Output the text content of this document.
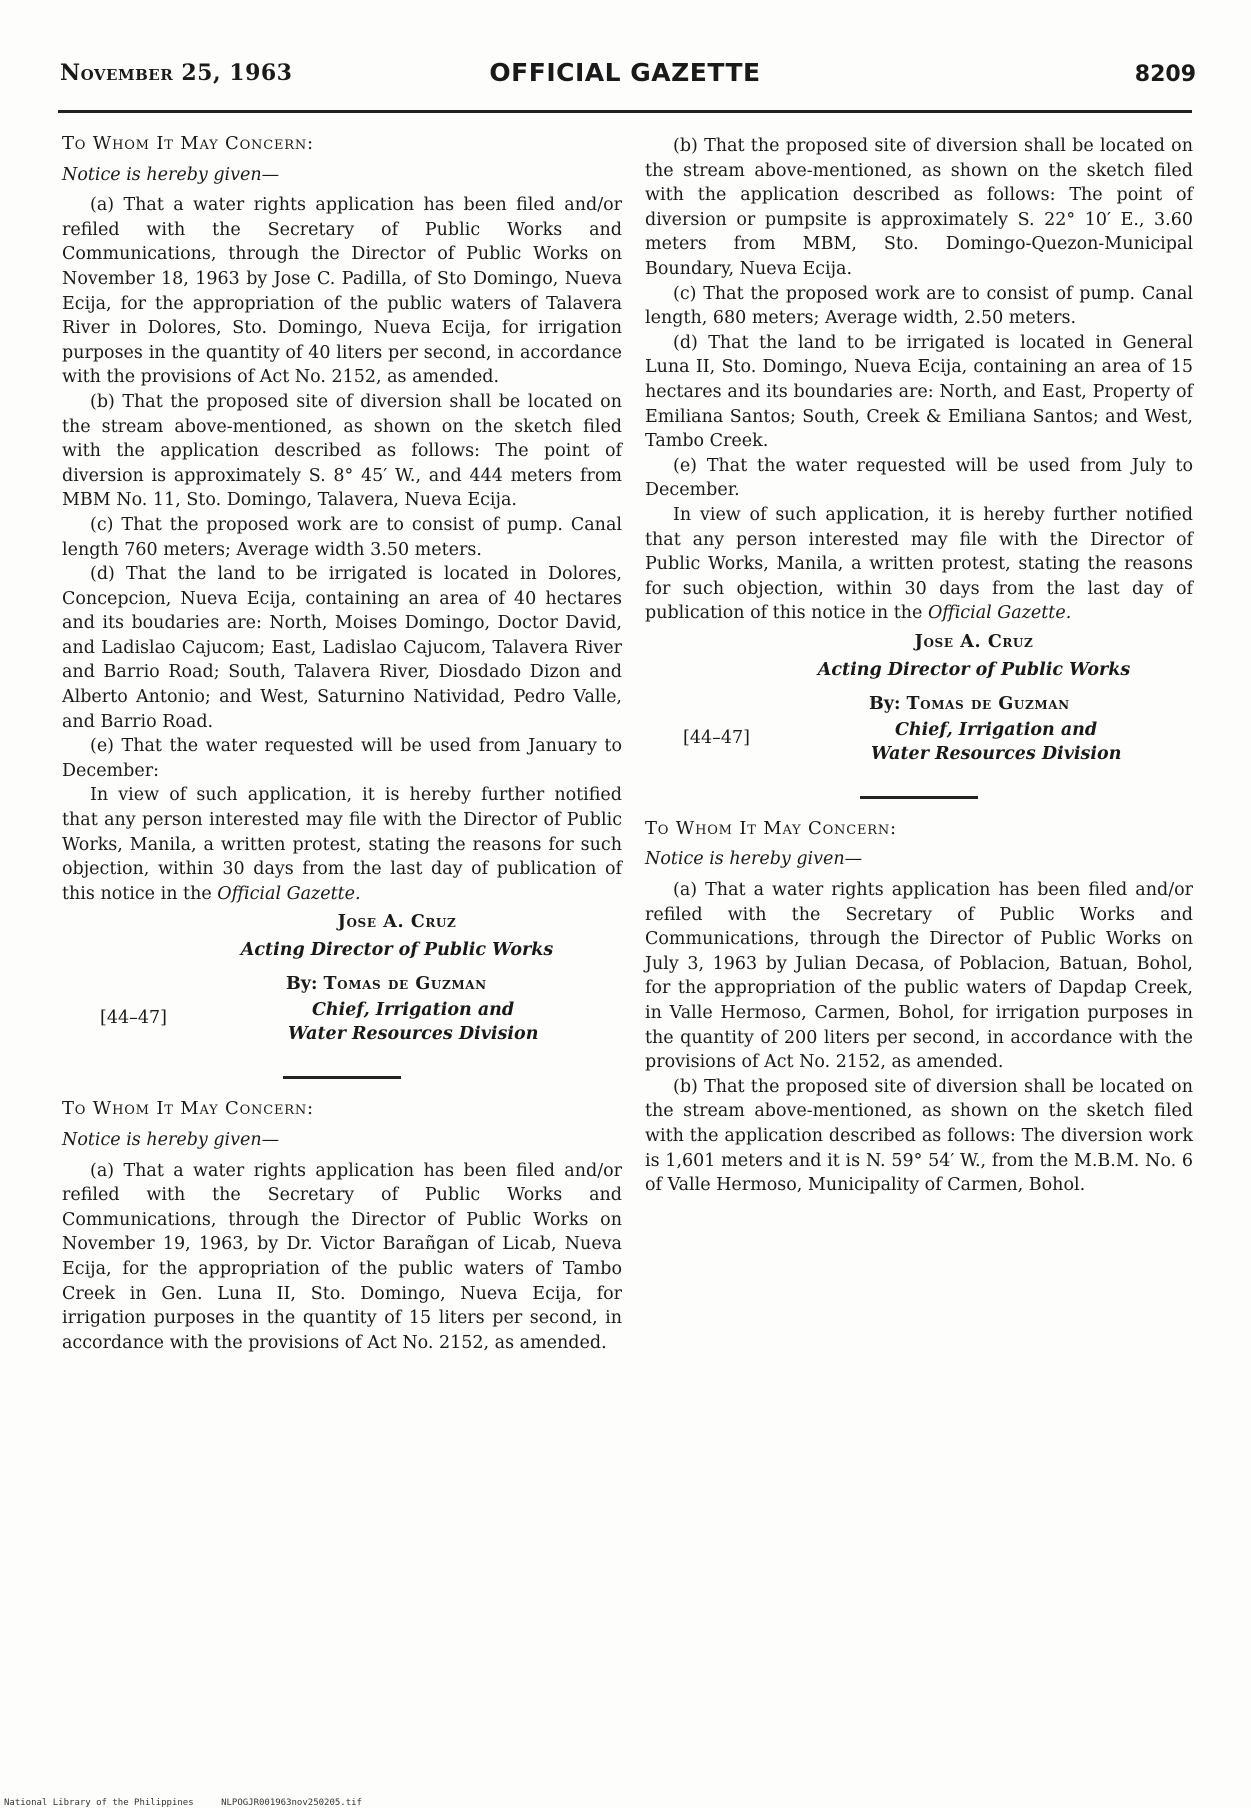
November 25, 1963	OFFICIAL GAZETTE	8209

To Whom It May Concern:

Notice is hereby given—

(a) That a water rights application has been filed and/or refiled with the Secretary of Public Works and Communications, through the Director of Public Works on November 18, 1963 by Jose C. Padilla, of Sto Domingo, Nueva Ecija, for the appropriation of the public waters of Talavera River in Dolores, Sto. Domingo, Nueva Ecija, for irrigation purposes in the quantity of 40 liters per second, in accordance with the provisions of Act No. 2152, as amended.

(b) That the proposed site of diversion shall be located on the stream above-mentioned, as shown on the sketch filed with the application described as follows: The point of diversion is approximately S. 8° 45′ W., and 444 meters from MBM No. 11, Sto. Domingo, Talavera, Nueva Ecija.

(c) That the proposed work are to consist of pump. Canal length 760 meters; Average width 3.50 meters.

(d) That the land to be irrigated is located in Dolores, Concepcion, Nueva Ecija, containing an area of 40 hectares and its boudaries are: North, Moises Domingo, Doctor David, and Ladislao Cajucom; East, Ladislao Cajucom, Talavera River and Barrio Road; South, Talavera River, Diosdado Dizon and Alberto Antonio; and West, Saturnino Natividad, Pedro Valle, and Barrio Road.

(e) That the water requested will be used from January to December:

In view of such application, it is hereby further notified that any person interested may file with the Director of Public Works, Manila, a written protest, stating the reasons for such objection, within 30 days from the last day of publication of this notice in the Official Gazette.

Jose A. Cruz
Acting Director of Public Works
By: Tomas de Guzman
Chief, Irrigation and
Water Resources Division
[44–47]

To Whom It May Concern:

Notice is hereby given—

(a) That a water rights application has been filed and/or refiled with the Secretary of Public Works and Communications, through the Director of Public Works on November 19, 1963, by Dr. Victor Barañgan of Licab, Nueva Ecija, for the appropriation of the public waters of Tambo Creek in Gen. Luna II, Sto. Domingo, Nueva Ecija, for irrigation purposes in the quantity of 15 liters per second, in accordance with the provisions of Act No. 2152, as amended.

(b) That the proposed site of diversion shall be located on the stream above-mentioned, as shown on the sketch filed with the application described as follows: The point of diversion or pumpsite is approximately S. 22° 10′ E., 3.60 meters from MBM, Sto. Domingo-Quezon-Municipal Boundary, Nueva Ecija.

(c) That the proposed work are to consist of pump. Canal length, 680 meters; Average width, 2.50 meters.

(d) That the land to be irrigated is located in General Luna II, Sto. Domingo, Nueva Ecija, containing an area of 15 hectares and its boundaries are: North, and East, Property of Emiliana Santos; South, Creek & Emiliana Santos; and West, Tambo Creek.

(e) That the water requested will be used from July to December.

In view of such application, it is hereby further notified that any person interested may file with the Director of Public Works, Manila, a written protest, stating the reasons for such objection, within 30 days from the last day of publication of this notice in the Official Gazette.

Jose A. Cruz
Acting Director of Public Works
By: Tomas de Guzman
Chief, Irrigation and
Water Resources Division
[44–47]

To Whom It May Concern:

Notice is hereby given—

(a) That a water rights application has been filed and/or refiled with the Secretary of Public Works and Communications, through the Director of Public Works on July 3, 1963 by Julian Decasa, of Poblacion, Batuan, Bohol, for the appropriation of the public waters of Dapdap Creek, in Valle Hermoso, Carmen, Bohol, for irrigation purposes in the quantity of 200 liters per second, in accordance with the provisions of Act No. 2152, as amended.

(b) That the proposed site of diversion shall be located on the stream above-mentioned, as shown on the sketch filed with the application described as follows: The diversion work is 1,601 meters and it is N. 59° 54′ W., from the M.B.M. No. 6 of Valle Hermoso, Municipality of Carmen, Bohol.

National Library of the Philippines	NLPOGJR001963nov250205.tif
